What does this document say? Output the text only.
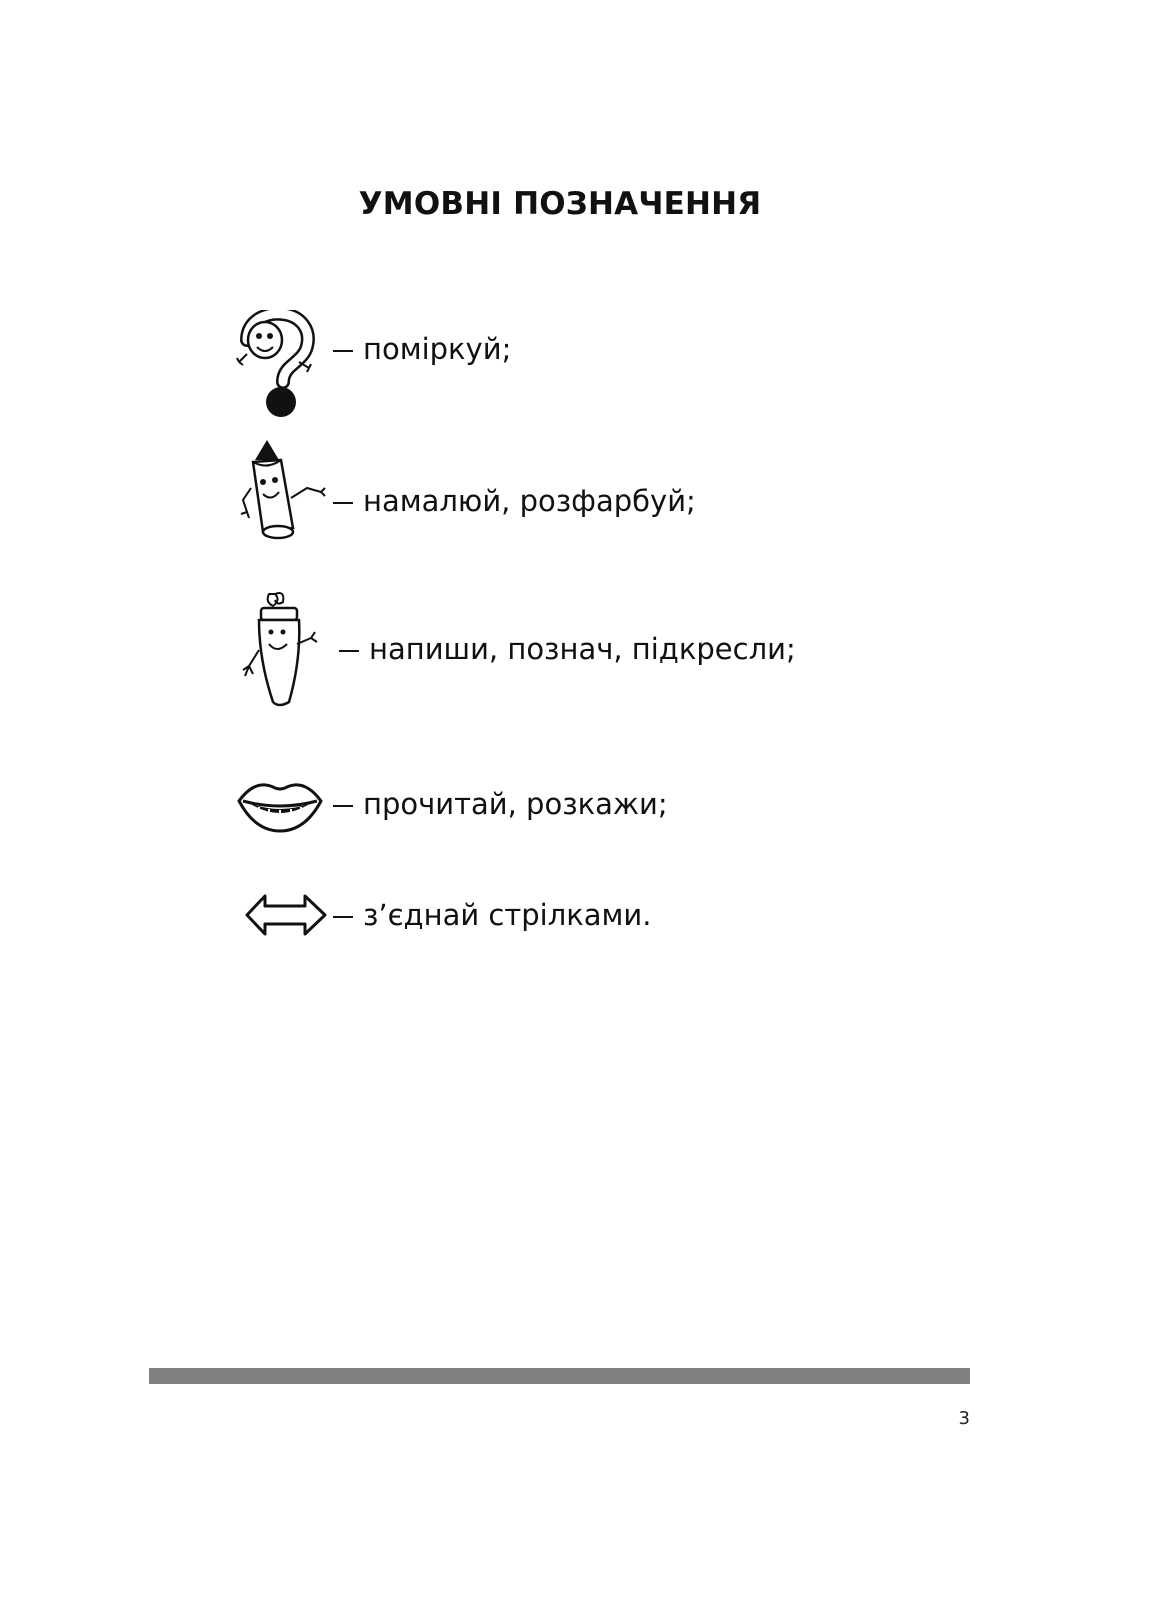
УМОВНІ ПОЗНАЧЕННЯ
поміркуй;
намалюй, розфарбуй;
напиши, познач, підкресли;
прочитай, розкажи;
з’єднай стрілками.
3
